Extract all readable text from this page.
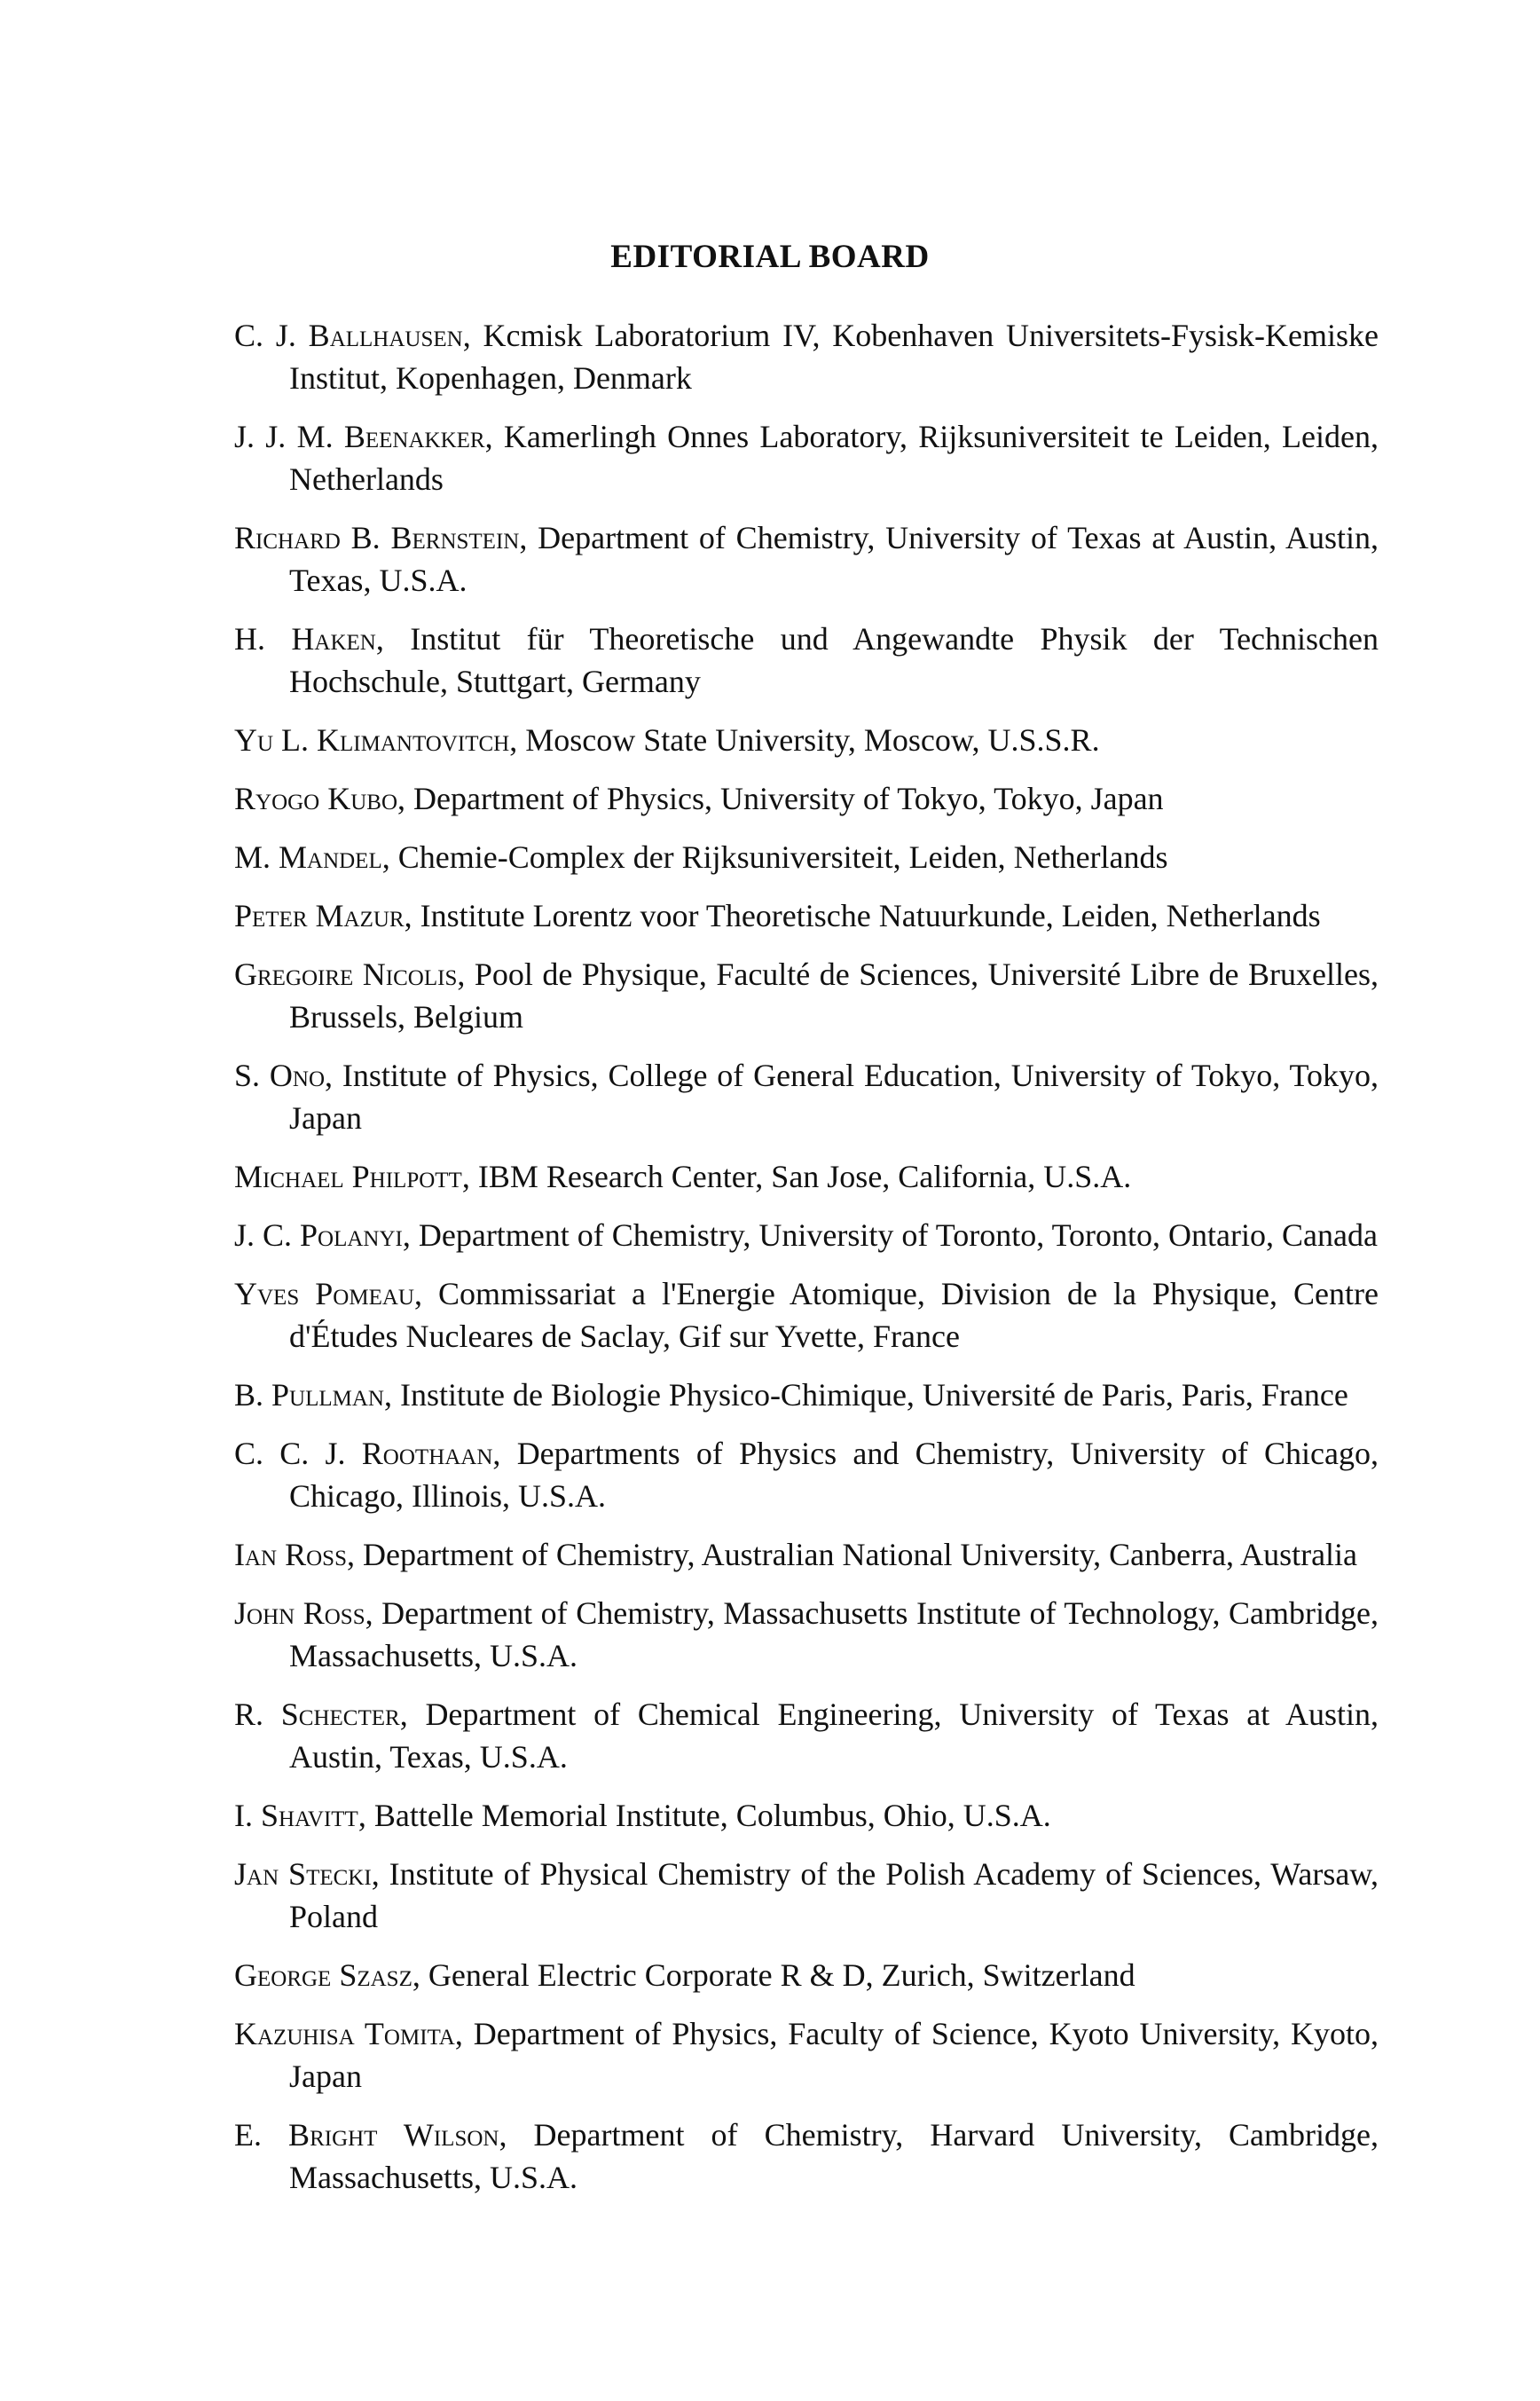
EDITORIAL BOARD
C. J. Ballhausen, Kcmisk Laboratorium IV, Kobenhaven Universitets-Fysisk-Kemiske Institut, Kopenhagen, Denmark
J. J. M. Beenakker, Kamerlingh Onnes Laboratory, Rijksuniversiteit te Leiden, Leiden, Netherlands
Richard B. Bernstein, Department of Chemistry, University of Texas at Austin, Austin, Texas, U.S.A.
H. Haken, Institut für Theoretische und Angewandte Physik der Technischen Hochschule, Stuttgart, Germany
Yu L. Klimantovitch, Moscow State University, Moscow, U.S.S.R.
Ryogo Kubo, Department of Physics, University of Tokyo, Tokyo, Japan
M. Mandel, Chemie-Complex der Rijksuniversiteit, Leiden, Netherlands
Peter Mazur, Institute Lorentz voor Theoretische Natuurkunde, Leiden, Netherlands
Gregoire Nicolis, Pool de Physique, Faculté de Sciences, Université Libre de Bruxelles, Brussels, Belgium
S. Ono, Institute of Physics, College of General Education, University of Tokyo, Tokyo, Japan
Michael Philpott, IBM Research Center, San Jose, California, U.S.A.
J. C. Polanyi, Department of Chemistry, University of Toronto, Toronto, Ontario, Canada
Yves Pomeau, Commissariat a l'Energie Atomique, Division de la Physique, Centre d'Études Nucleares de Saclay, Gif sur Yvette, France
B. Pullman, Institute de Biologie Physico-Chimique, Université de Paris, Paris, France
C. C. J. Roothaan, Departments of Physics and Chemistry, University of Chicago, Chicago, Illinois, U.S.A.
Ian Ross, Department of Chemistry, Australian National University, Canberra, Australia
John Ross, Department of Chemistry, Massachusetts Institute of Technology, Cambridge, Massachusetts, U.S.A.
R. Schecter, Department of Chemical Engineering, University of Texas at Austin, Austin, Texas, U.S.A.
I. Shavitt, Battelle Memorial Institute, Columbus, Ohio, U.S.A.
Jan Stecki, Institute of Physical Chemistry of the Polish Academy of Sciences, Warsaw, Poland
George Szasz, General Electric Corporate R & D, Zurich, Switzerland
Kazuhisa Tomita, Department of Physics, Faculty of Science, Kyoto University, Kyoto, Japan
E. Bright Wilson, Department of Chemistry, Harvard University, Cambridge, Massachusetts, U.S.A.
